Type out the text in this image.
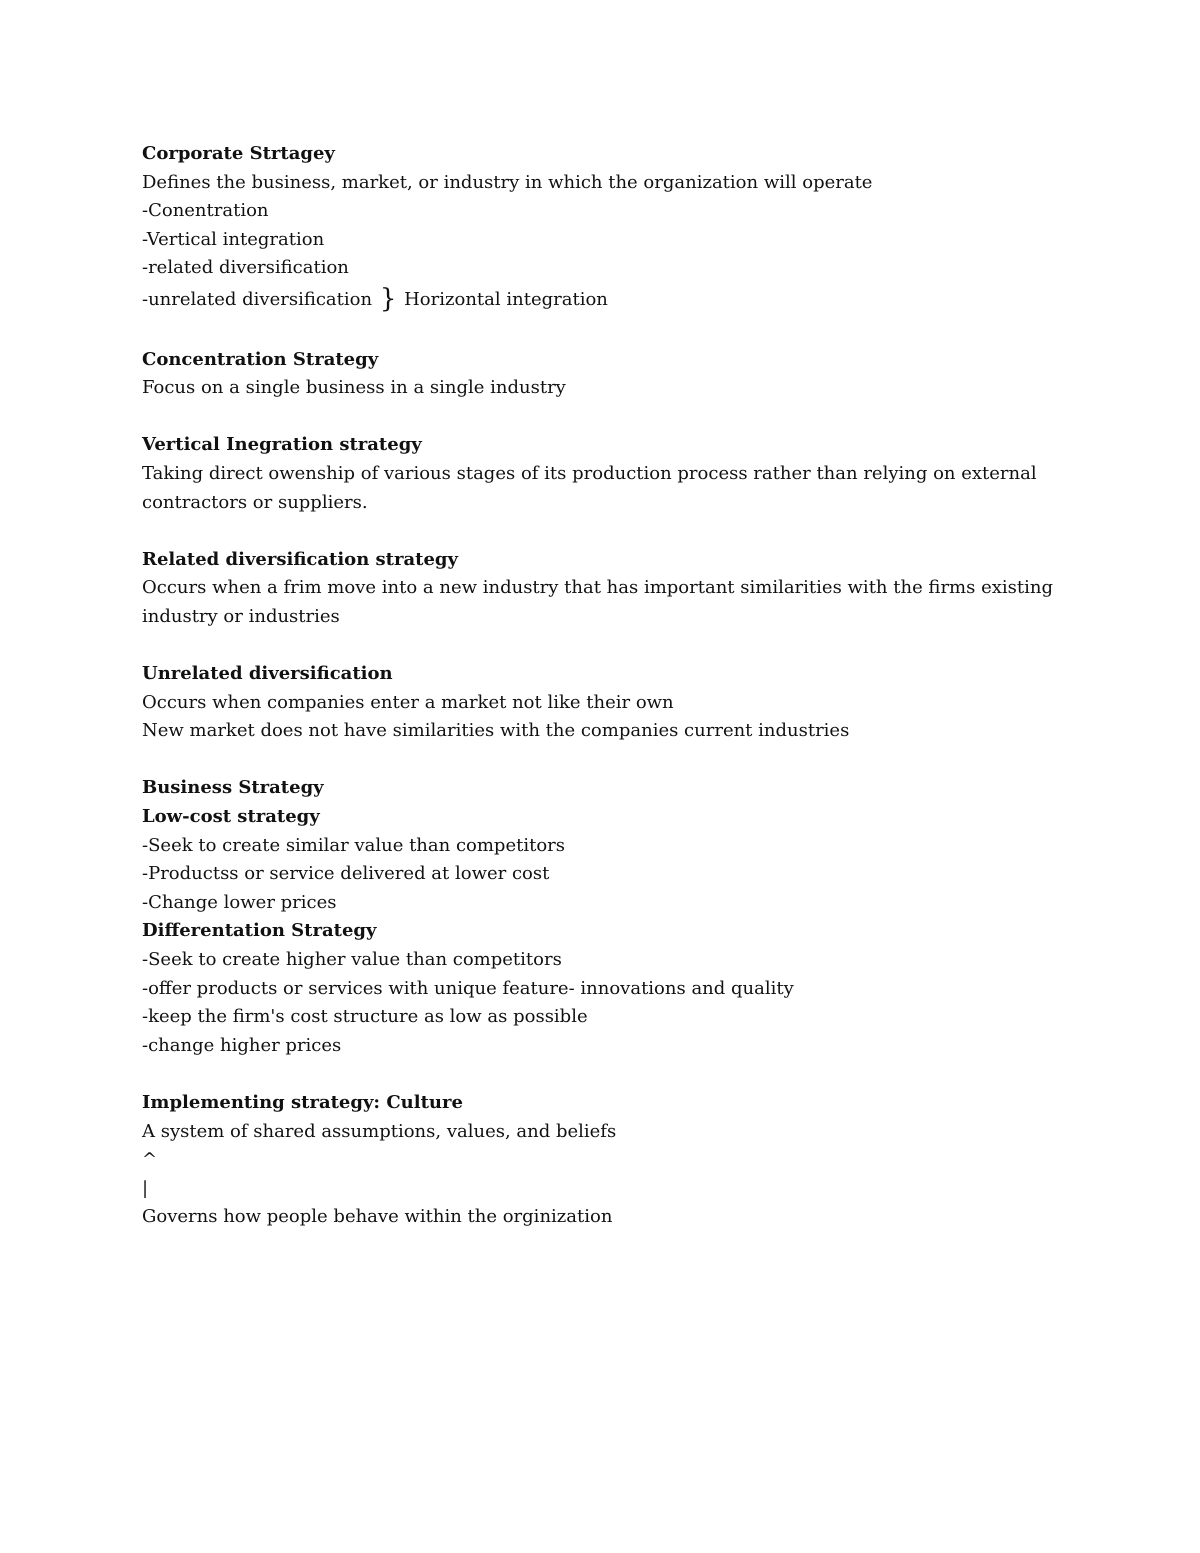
Corporate Strtagey

Defines the business, market, or industry in which the organization will operate

-Conentration

-Vertical integration

-related diversification

-unrelated diversification } Horizontal integration

Concentration Strategy

Focus on a single business in a single industry

Vertical Inegration strategy

Taking direct owenship of various stages of its production process rather than relying on external contractors or suppliers.

Related diversification strategy

Occurs when a frim move into a new industry that has important similarities with the firms existing industry or industries

Unrelated diversification

Occurs when companies enter a market not like their own

New market does not have similarities with the companies current industries

Business Strategy

Low-cost strategy

-Seek to create similar value than competitors

-Productss or service delivered at lower cost

-Change lower prices

Differentation Strategy

-Seek to create higher value than competitors

-offer products or services with unique feature- innovations and quality

-keep the firm's cost structure as low as possible

-change higher prices

Implementing strategy: Culture

A system of shared assumptions, values, and beliefs

^

|

Governs how people behave within the orginization
